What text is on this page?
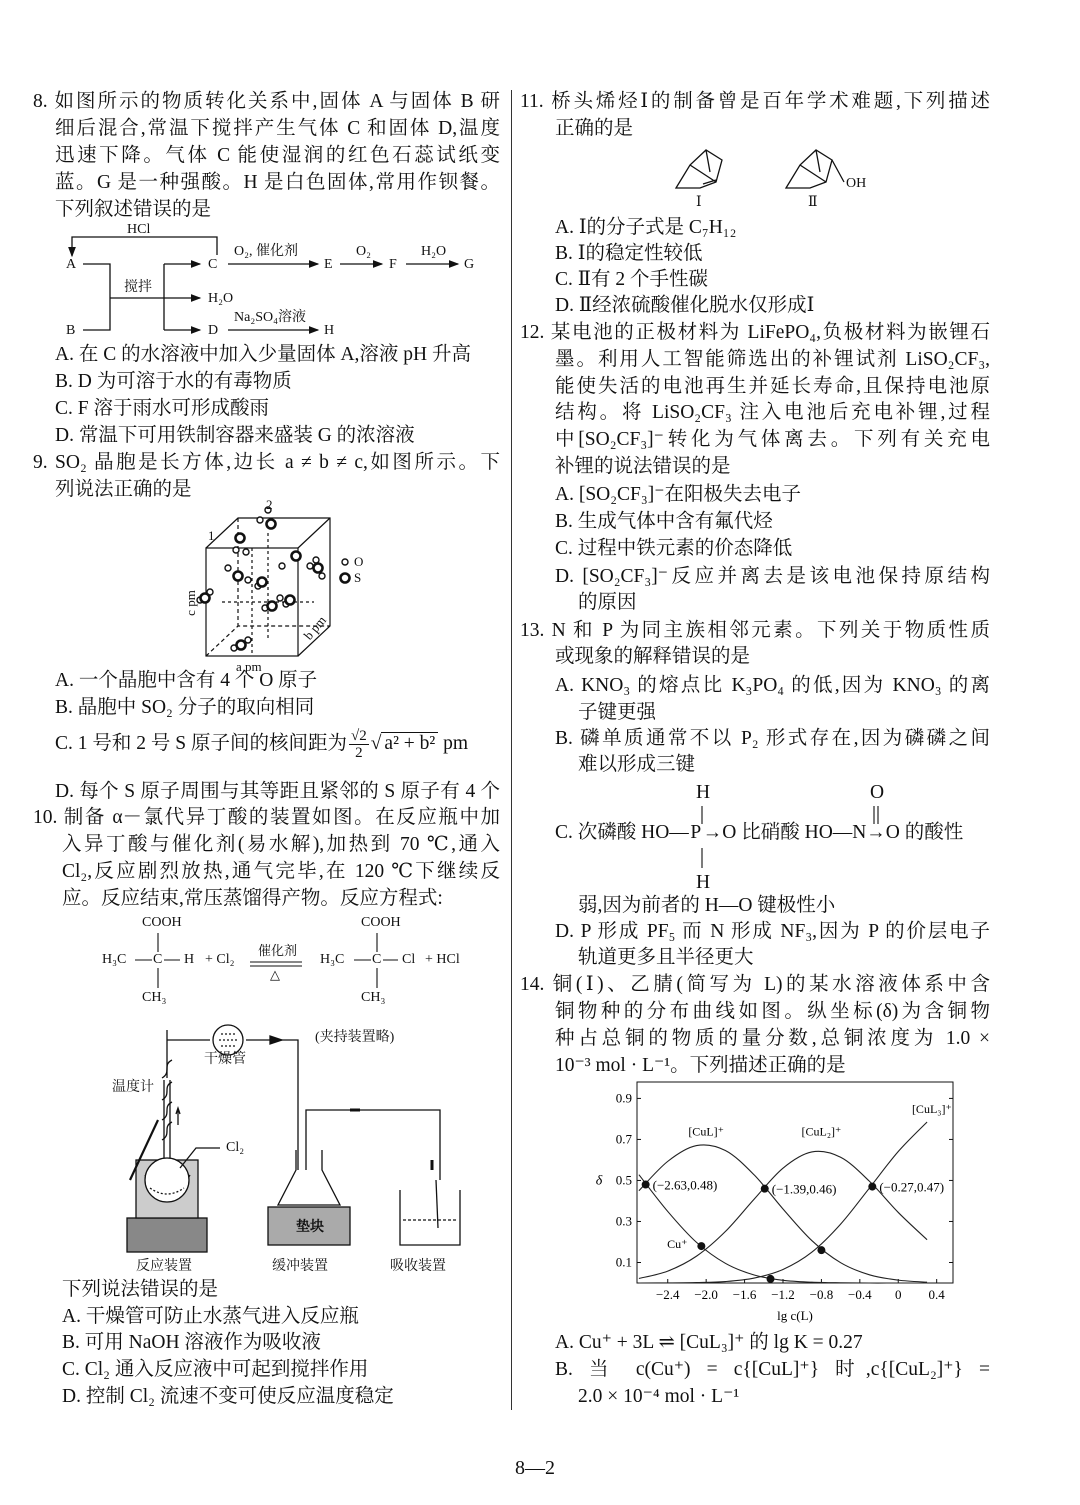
8. 如图所示的物质转化关系中,固体 A 与固体 B 研
细后混合,常温下搅拌产生气体 C 和固体 D,温度
迅速下降。气体 C 能使湿润的红色石蕊试纸变
蓝。G 是一种强酸。H 是白色固体,常用作钡餐。
下列叙述错误的是
HCl
A
B
搅拌
C
H₂O
D
O₂, 催化剂
E
O₂
F
H₂O
G
Na₂SO₄溶液
H
A. 在 C 的水溶液中加入少量固体 A,溶液 pH 升高
B. D 为可溶于水的有毒物质
C. F 溶于雨水可形成酸雨
D. 常温下可用铁制容器来盛装 G 的浓溶液
9. SO₂ 晶胞是长方体,边长 a ≠ b ≠ c,如图所示。下
列说法正确的是
2
1
O
S
c pm
b pm
a pm
A. 一个晶胞中含有 4 个 O 原子
B. 晶胞中 SO₂ 分子的取向相同
C. 1 号和 2 号 S 原子间的核间距为 $\frac{√2}{2}$ √ a² + b² pm
D. 每个 S 原子周围与其等距且紧邻的 S 原子有 4 个
10. 制备 α－氯代异丁酸的装置如图。在反应瓶中加
入异丁酸与催化剂(易水解),加热到 70 ℃,通入
Cl₂,反应剧烈放热,通气完毕,在 120 ℃下继续反
应。反应结束,常压蒸馏得产物。反应方程式:
COOH
H₃C C H + Cl₂
催化剂
△
CH₃
COOH
H₃C C Cl + HCl
CH₃
干燥管
(夹持装置略)
温度计
Cl₂
垫块
反应装置	缓冲装置	吸收装置
下列说法错误的是
A. 干燥管可防止水蒸气进入反应瓶
B. 可用 NaOH 溶液作为吸收液
C. Cl₂ 通入反应液中可起到搅拌作用
D. 控制 Cl₂ 流速不变可使反应温度稳定
11. 桥头烯烃Ⅰ的制备曾是百年学术难题,下列描述
正确的是
Ⅰ	Ⅱ
OH
A. Ⅰ的分子式是 C₇H₁₂
B. Ⅰ的稳定性较低
C. Ⅱ有 2 个手性碳
D. Ⅱ经浓硫酸催化脱水仅形成Ⅰ
12. 某电池的正极材料为 LiFePO₄,负极材料为嵌锂石
墨。利用人工智能筛选出的补锂试剂 LiSO₂CF₃,
能使失活的电池再生并延长寿命,且保持电池原
结构。将 LiSO₂CF₃ 注入电池后充电补锂,过程
中[SO₂CF₃]⁻转化为气体离去。下列有关充电
补锂的说法错误的是
A. [SO₂CF₃]⁻在阳极失去电子
B. 生成气体中含有氟代烃
C. 过程中铁元素的价态降低
D. [SO₂CF₃]⁻反应并离去是该电池保持原结构
的原因
13. N 和 P 为同主族相邻元素。下列关于物质性质
或现象的解释错误的是
A. KNO₃ 的熔点比 K₃PO₄ 的低,因为 KNO₃ 的离
子键更强
B. 磷单质通常不以 P₂ 形式存在,因为磷磷之间
难以形成三键
C. 次磷酸 HO—P→O 比硝酸 HO—N→O 的酸性
H
H
O
弱,因为前者的 H—O 键极性小
D. P 形成 PF₅ 而 N 形成 NF₃,因为 P 的价层电子
轨道更多且半径更大
14. 铜(Ⅰ)、乙腈(简写为 L)的某水溶液体系中含
铜物种的分布曲线如图。纵坐标(δ)为含铜物
种占总铜的物质的量分数,总铜浓度为 1.0 ×
10⁻³ mol · L⁻¹。下列描述正确的是
−2.4 −2.0 −1.6 −1.2 −0.8 −0.4 0 0.4
0.1
0.3
0.5
0.7
0.9
lg c(L)
δ
Cu⁺
[CuL]⁺	[CuL₂]⁺
[CuL₃]⁺
(−2.63,0.48)	(−1.39,0.46)	(−0.27,0.47)
A. Cu⁺ + 3L ⇌ [CuL₃]⁺ 的 lg K = 0.27
B. 当 c(Cu⁺) = c{[CuL]⁺} 时,c{[CuL₂]⁺} =
2.0 × 10⁻⁴ mol · L⁻¹
8—2
